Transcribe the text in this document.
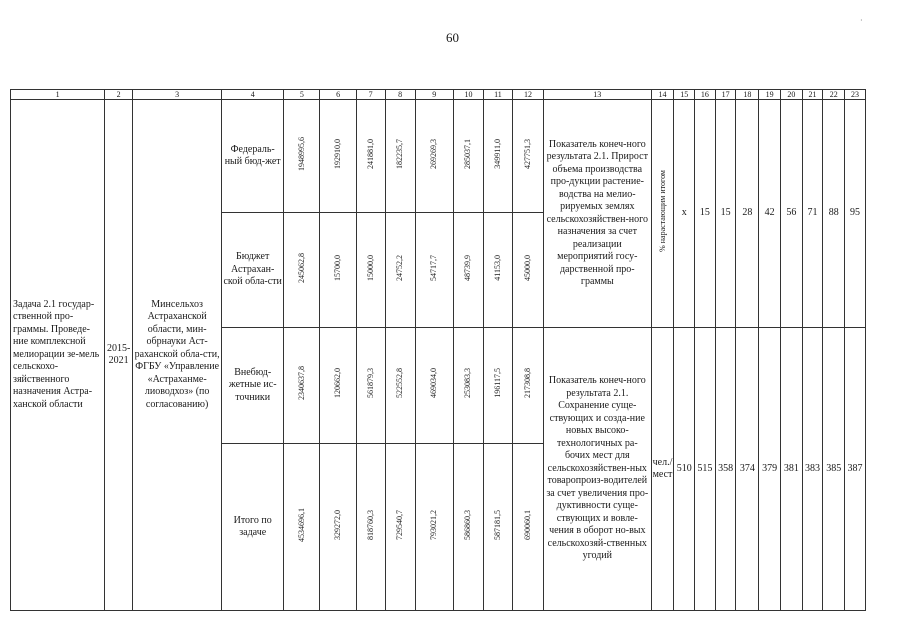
60
·
1	2	3	4	5	6	7	8	9	10	11	12	13	14	15	16	17	18	19	20	21	22	23
Задача 2.1 государ-ственной про-граммы. Проведе-ние комплексной мелиорации зе-мель сельскохо-зяйственного назначения Астра-ханской области	2015-2021	Минсельхоз Астраханской области, мин-обрнауки Аст-раханской обла-сти, ФГБУ «Управление «Астраханме-лиоводхоз» (по согласованию)	Федераль-ный бюд-жет	1948995,6	192910,0	241881,0	182235,7	269269,3	285037,1	349911,0	427751,3	Показатель конеч-ного результата 2.1. Прирост объема производства про-дукции растение-водства на мелио-рируемых землях сельскохозяйствен-ного назначения за счет реализации мероприятий госу-дарственной про-граммы	% нарастающим итогом	х	15	15	28	42	56	71	88	95
			Бюджет Астрахан-ской обла-сти	245062,8	15700,0	15000,0	24752,2	54717,7	48739,9	41153,0	45000,0											
			Внебюд-жетные ис-точники	2340637,8	120662,0	561879,3	522552,8	469034,0	253083,3	196117,5	217308,8	Показатель конеч-ного результата 2.1. Сохранение суще-ствующих и созда-ние новых высоко-технологичных ра-бочих мест для сельскохозяйствен-ных товаропроиз-водителей за счет увеличения про-дуктивности суще-ствующих и вовле-чения в оборот но-вых сельскохозяй-ственных угодий	чел./ мест	510	515	358	374	379	381	383	385	387
			Итого по задаче	4534696,1	329272,0	818760,3	729540,7	793021,2	586860,3	587181,5	690060,1											
